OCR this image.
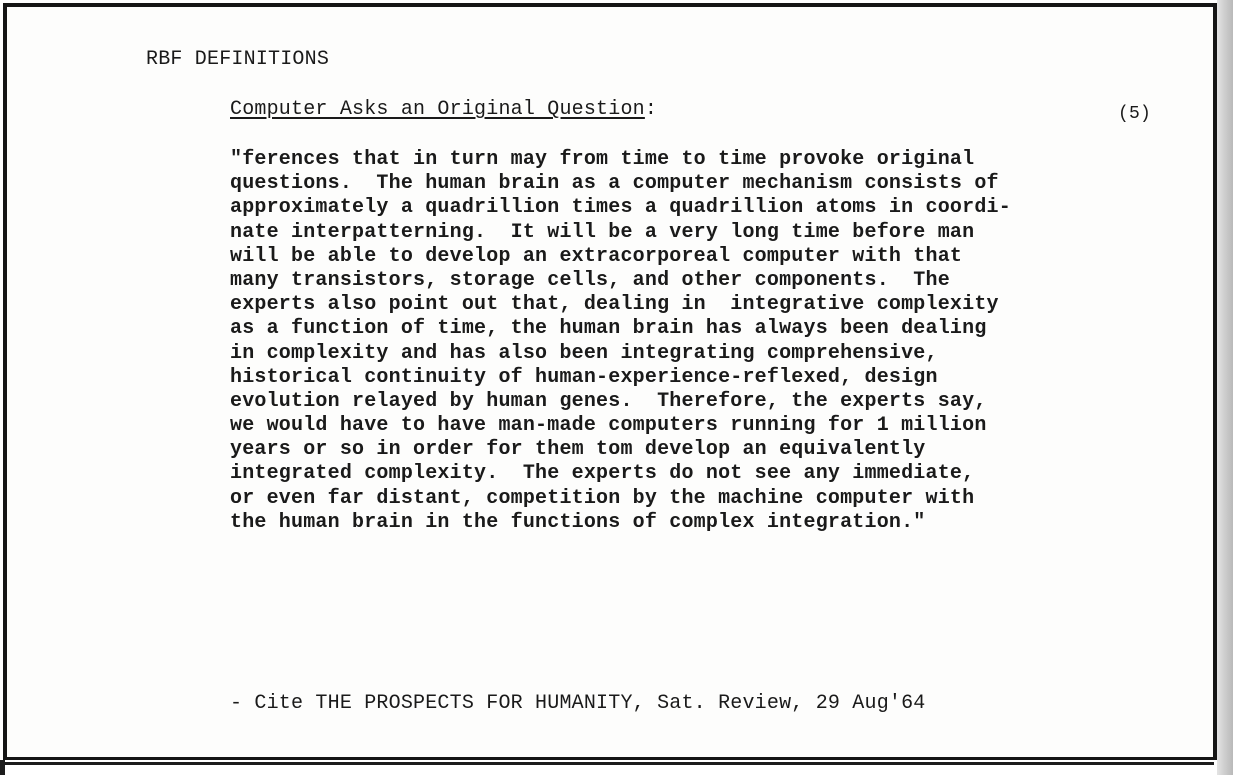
RBF DEFINITIONS
Computer Asks an Original Question:	(5)
"ferences that in turn may from time to time provoke original
questions.  The human brain as a computer mechanism consists of
approximately a quadrillion times a quadrillion atoms in coordi-
nate interpatterning.  It will be a very long time before man
will be able to develop an extracorporeal computer with that
many transistors, storage cells, and other components.  The
experts also point out that, dealing in  integrative complexity
as a function of time, the human brain has always been dealing
in complexity and has also been integrating comprehensive,
historical continuity of human-experience-reflexed, design
evolution relayed by human genes.  Therefore, the experts say,
we would have to have man-made computers running for 1 million
years or so in order for them tom develop an equivalently
integrated complexity.  The experts do not see any immediate,
or even far distant, competition by the machine computer with
the human brain in the functions of complex integration."
- Cite THE PROSPECTS FOR HUMANITY, Sat. Review, 29 Aug'64
